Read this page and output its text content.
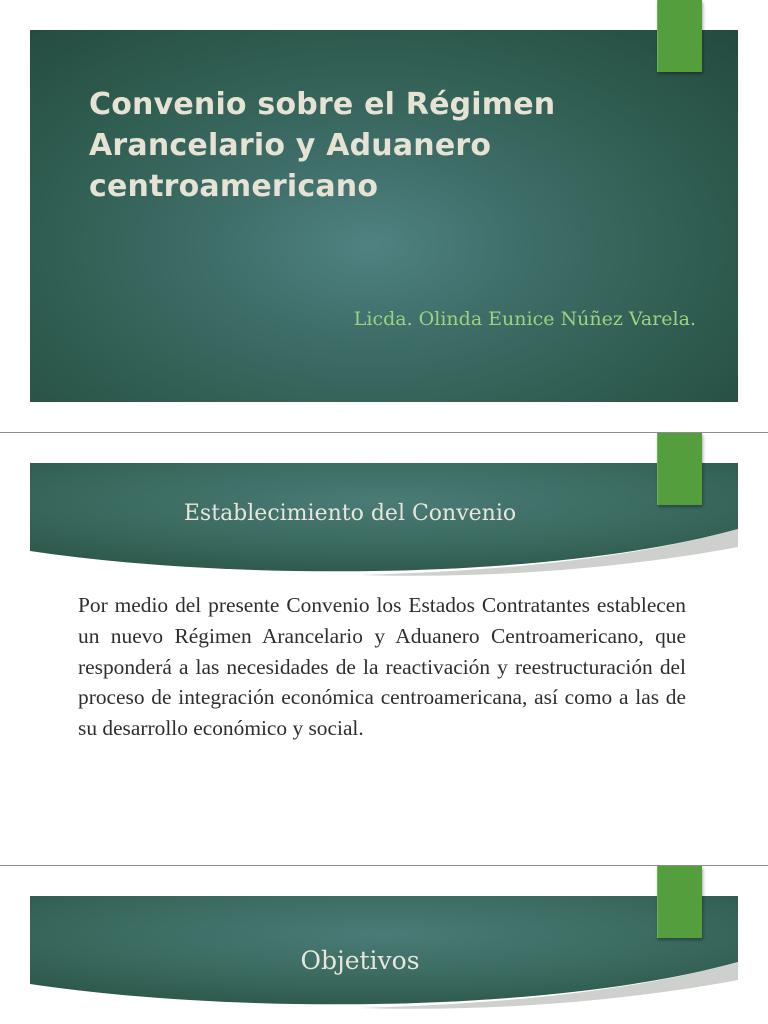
Convenio sobre el Régimen Arancelario y Aduanero centroamericano

Licda. Olinda Eunice Núñez Varela.

Establecimiento del Convenio

Por medio del presente Convenio los Estados Contratantes establecen un nuevo Régimen Arancelario y Aduanero Centroamericano, que responderá a las necesidades de la reactivación y reestructuración del proceso de integración económica centroamericana, así como a las de su desarrollo económico y social.

Objetivos
